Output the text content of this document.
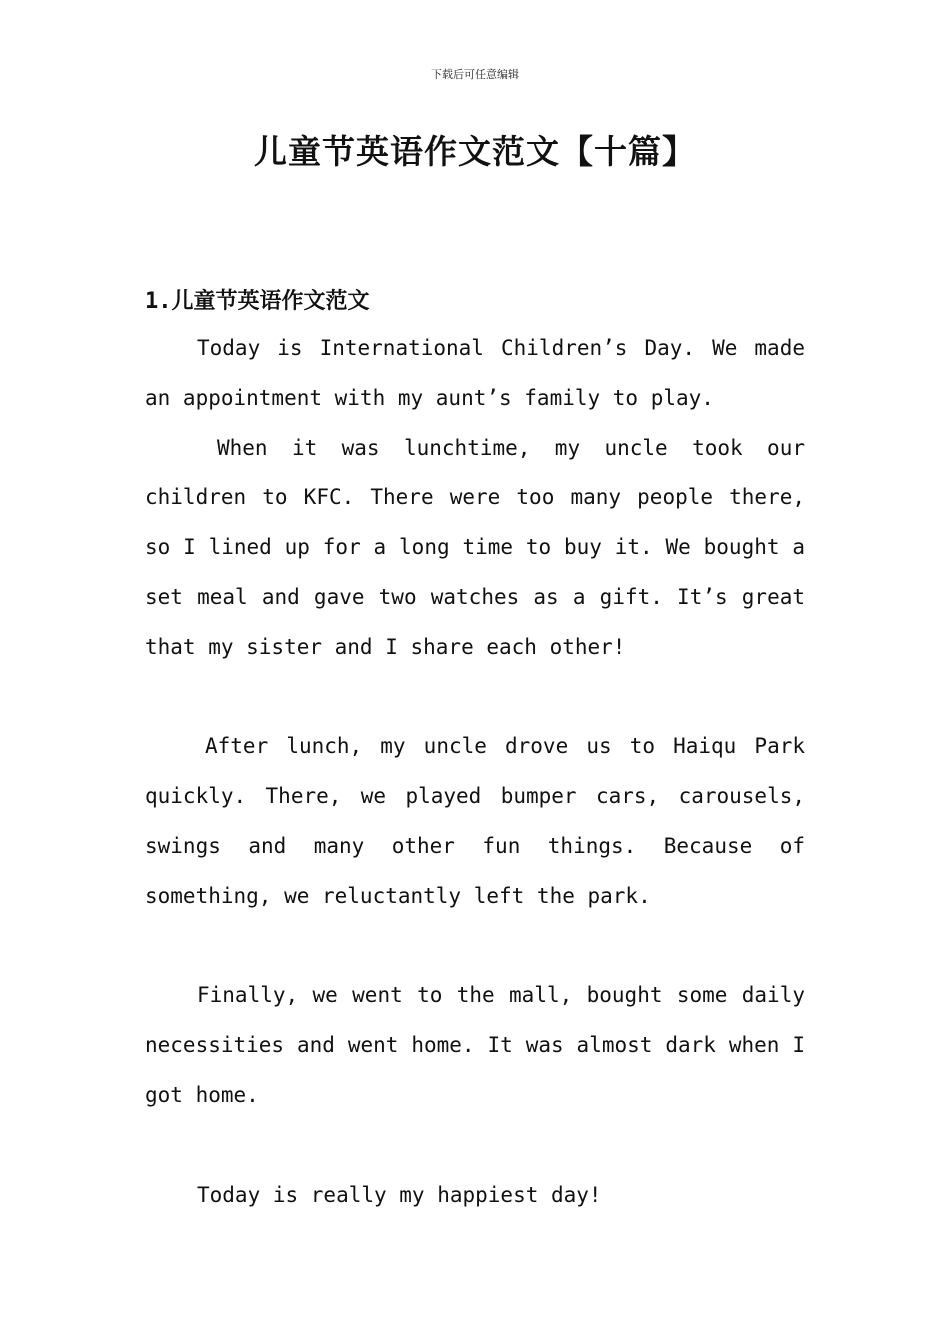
下载后可任意编辑
儿童节英语作文范文【十篇】
1.儿童节英语作文范文

Today is International Children’s Day. We made an appointment with my aunt’s family to play.

When it was lunchtime, my uncle took our children to KFC. There were too many people there, so I lined up for a long time to buy it. We bought a set meal and gave two watches as a gift. It’s great that my sister and I share each other!

After lunch, my uncle drove us to Haiqu Park quickly. There, we played bumper cars, carousels, swings and many other fun things. Because of something, we reluctantly left the park.

Finally, we went to the mall, bought some daily necessities and went home. It was almost dark when I got home.

Today is really my happiest day!
